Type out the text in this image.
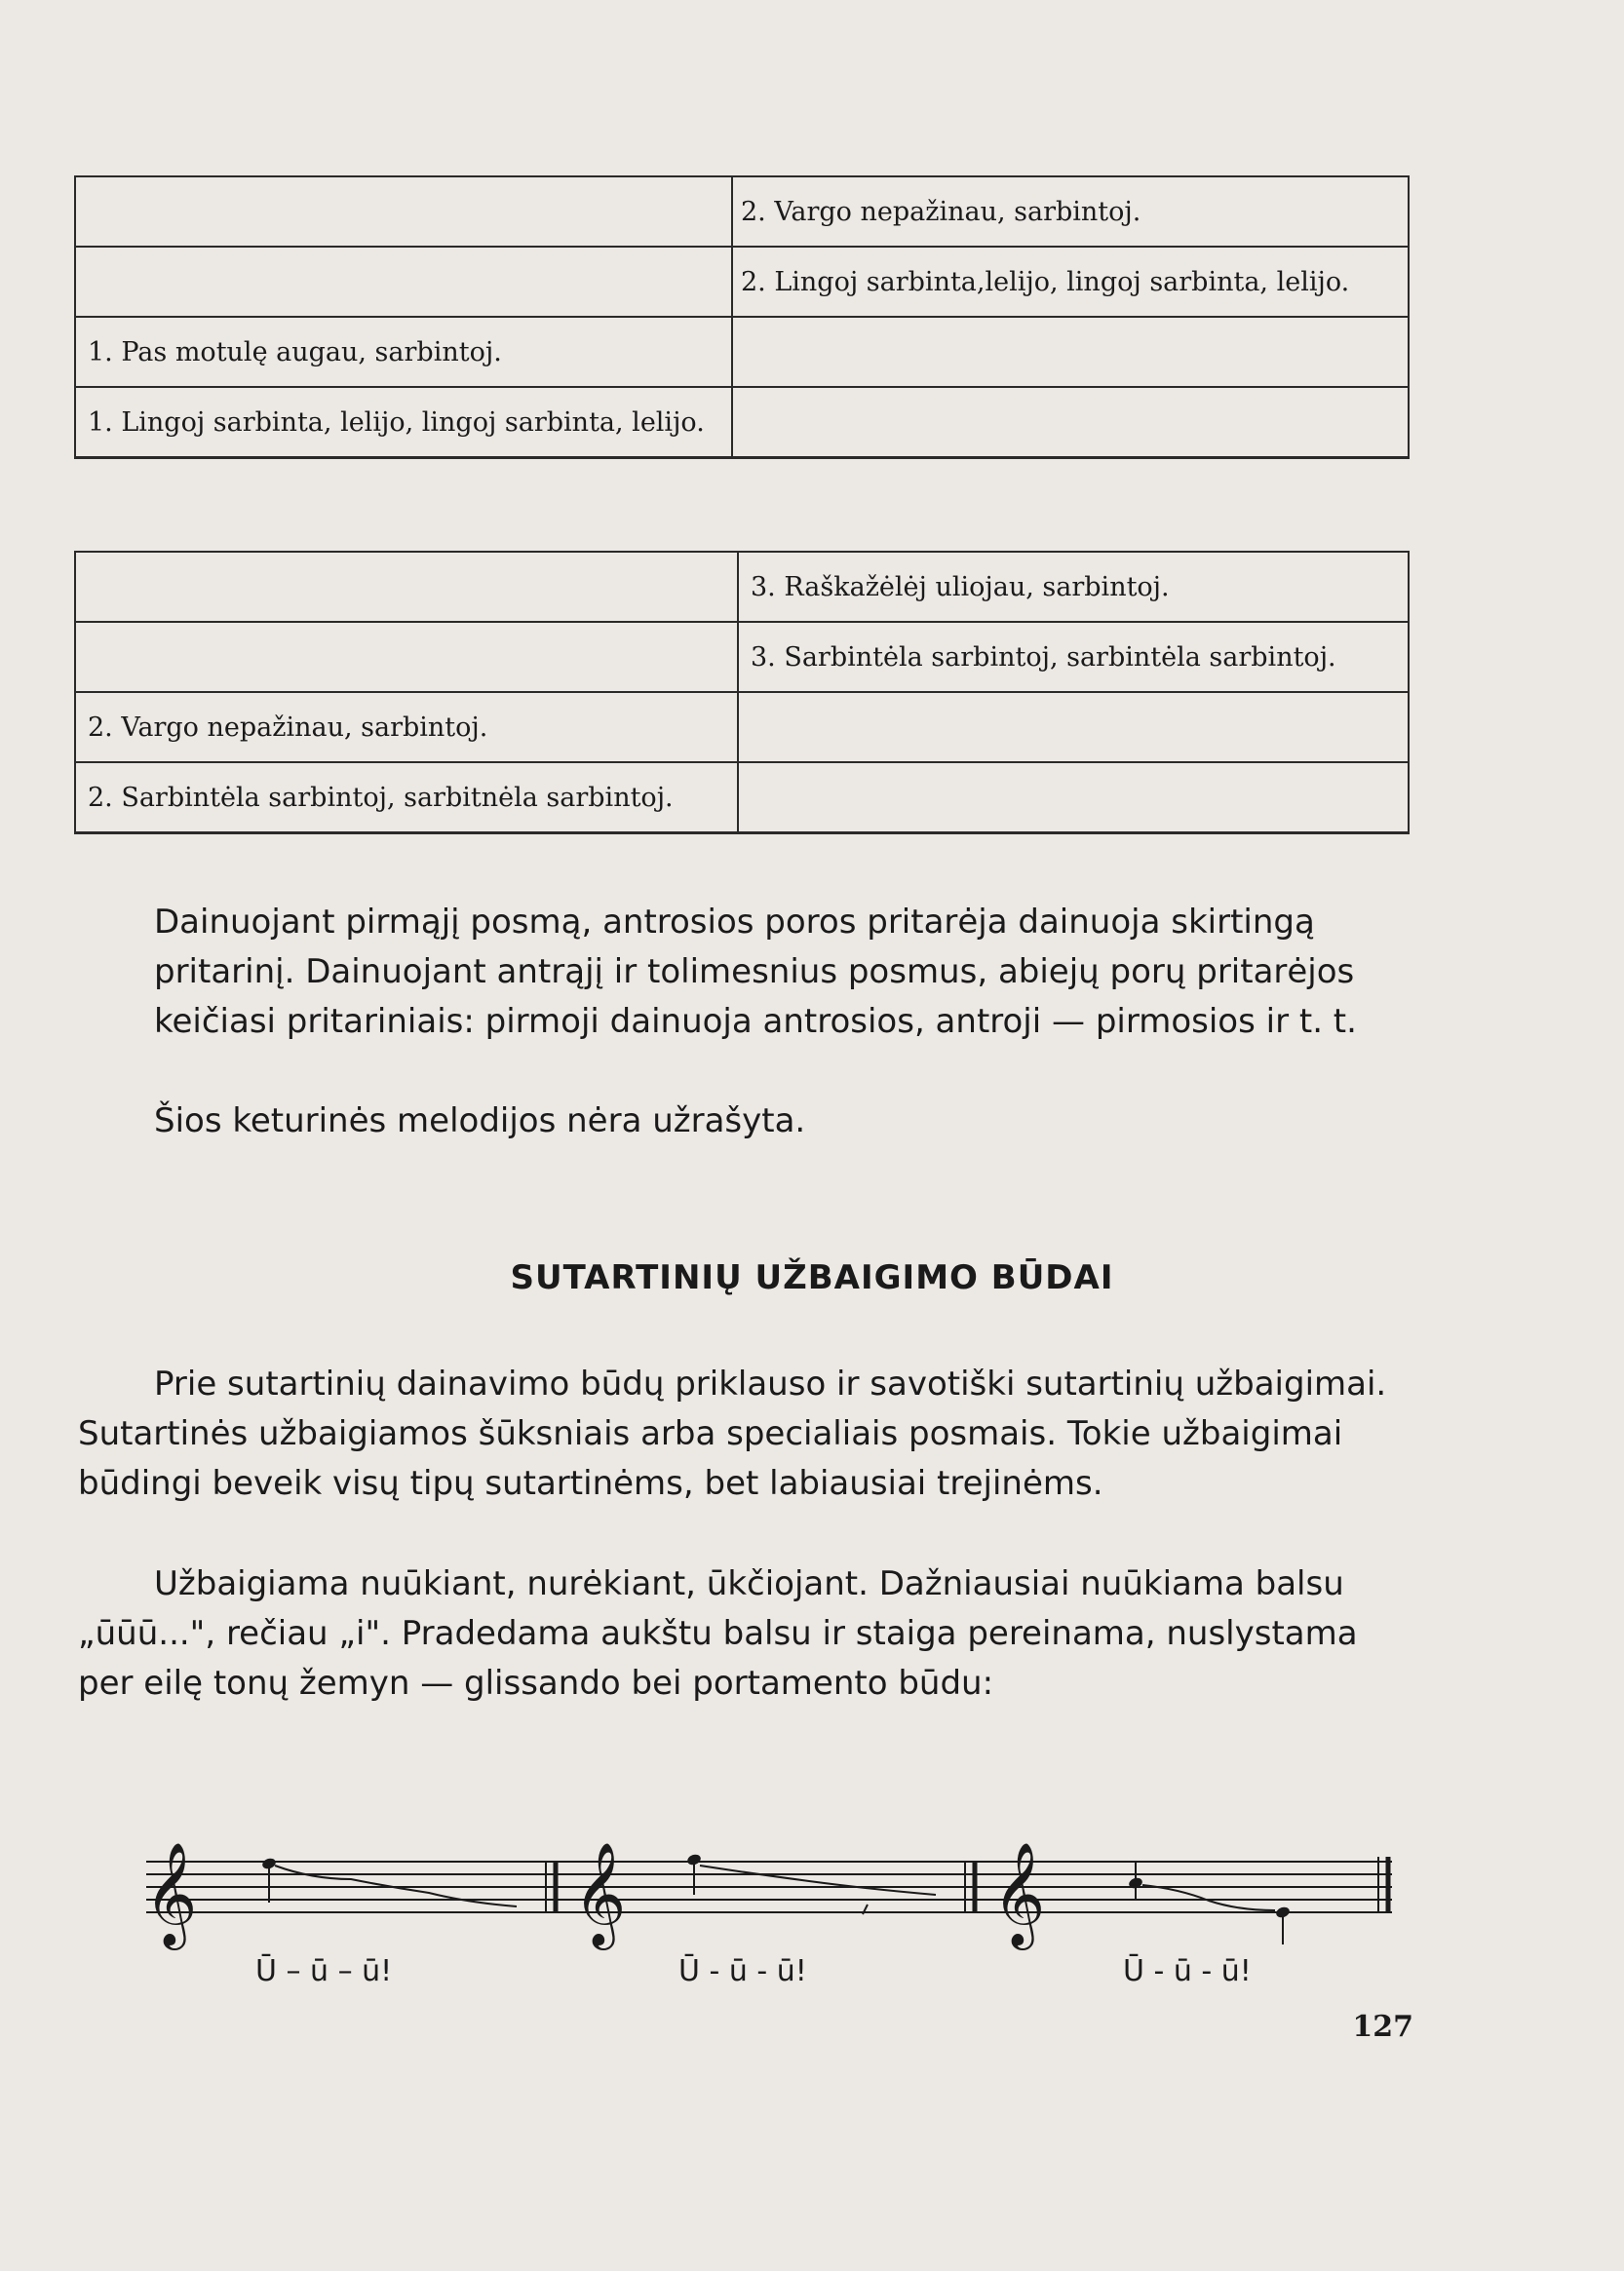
2. Vargo nepažinau, sarbintoj.
2. Lingoj sarbinta,lelijo, lingoj sarbinta, lelijo.
1. Pas motulę augau, sarbintoj.
1. Lingoj sarbinta, lelijo, lingoj sarbinta, lelijo.
3. Raškažėlėj uliojau, sarbintoj.
3. Sarbintėla sarbintoj, sarbintėla sarbintoj.
2. Vargo nepažinau, sarbintoj.
2. Sarbintėla sarbintoj, sarbitnėla sarbintoj.

Dainuojant pirmąjį posmą, antrosios poros pritarėja dainuoja skirtingą pritarinį. Dainuojant antrąjį ir tolimesnius posmus, abiejų porų pritarėjos keičiasi pritariniais: pirmoji dainuoja antrosios, antroji — pirmosios ir t. t.

Šios keturinės melodijos nėra užrašyta.

SUTARTINIŲ UŽBAIGIMO BŪDAI

Prie sutartinių dainavimo būdų priklauso ir savotiški sutartinių užbaigimai. Sutartinės užbaigiamos šūksniais arba specialiais posmais. Tokie užbaigimai būdingi beveik visų tipų sutartinėms, bet labiausiai trejinėms.

Užbaigiama nuūkiant, nurėkiant, ūkčiojant. Dažniausiai nuūkiama balsu „ūūū...", rečiau „i". Pradedama aukštu balsu ir staiga pereinama, nuslystama per eilę tonų žemyn — glissando bei portamento būdu:

𝄞	𝄞	𝄞
Ū – ū – ū!	Ū - ū - ū!	Ū - ū - ū!
127
